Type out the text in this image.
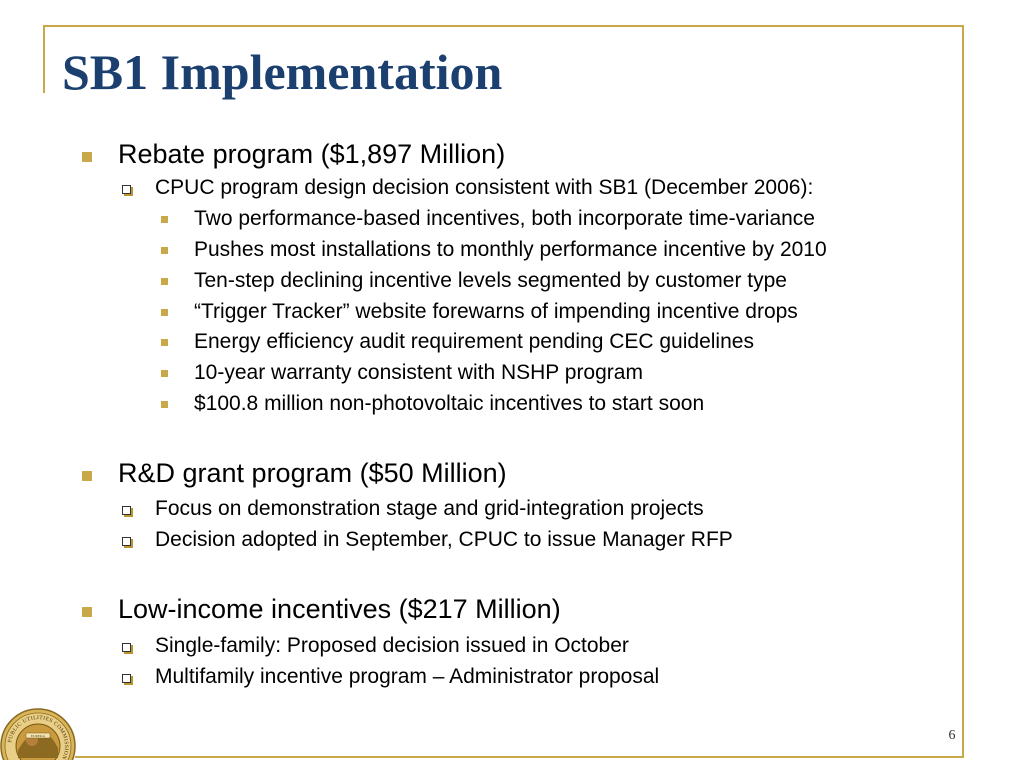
SB1 Implementation
Rebate program ($1,897 Million)
CPUC program design decision consistent with SB1 (December 2006):
Two performance-based incentives, both incorporate time-variance
Pushes most installations to monthly performance incentive by 2010
Ten-step declining incentive levels segmented by customer type
“Trigger Tracker” website forewarns of impending incentive drops
Energy efficiency audit requirement pending CEC guidelines
10-year warranty consistent with NSHP program
$100.8 million non-photovoltaic incentives to start soon
R&D grant program ($50 Million)
Focus on demonstration stage and grid-integration projects
Decision adopted in September, CPUC to issue Manager RFP
Low-income incentives ($217 Million)
Single-family: Proposed decision issued in October
Multifamily incentive program – Administrator proposal
EUREKA
PUBLIC UTILITIES COMMISSION
6
